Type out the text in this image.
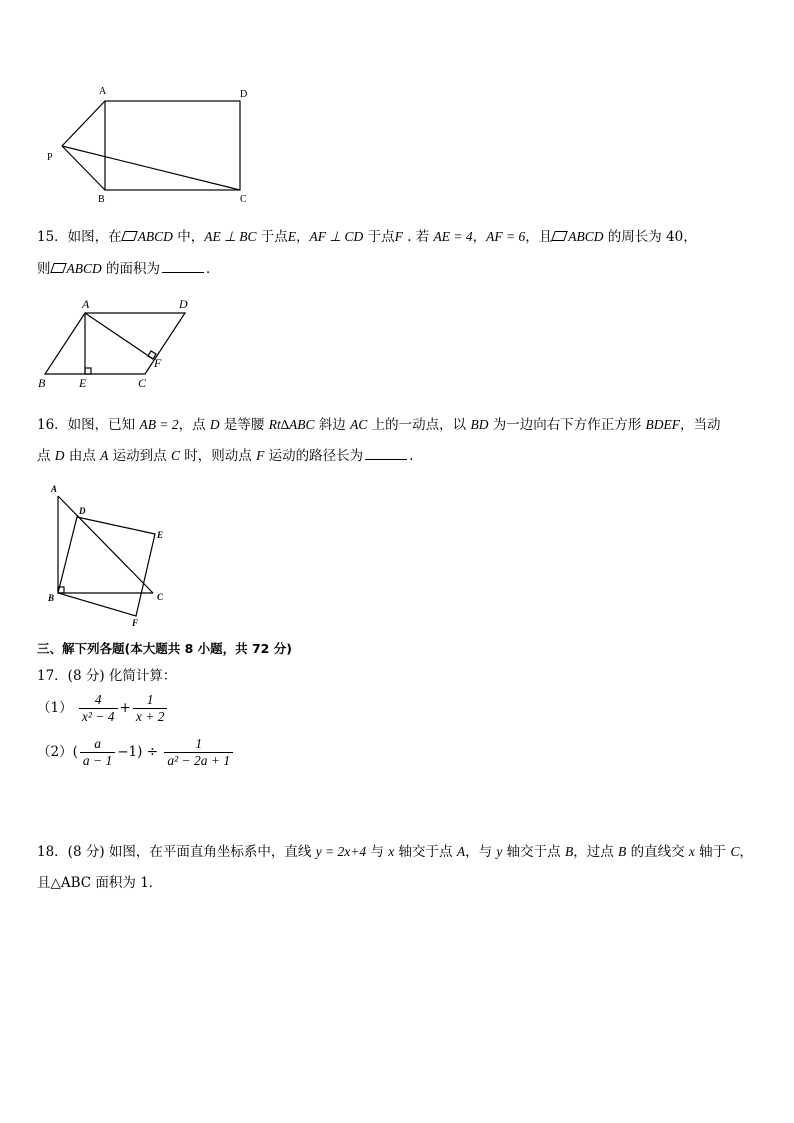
A	D
P
B	C
15．如图，在 ABCD 中，AE ⊥ BC 于点E，AF ⊥ CD 于点F . 若 AE = 4，AF = 6，且 ABCD 的周长为 40，
则 ABCD 的面积为	．
A	D
B	E	C
F
16．如图，已知 AB = 2，点 D 是等腰 Rt∆ABC 斜边 AC 上的一动点，以 BD 为一边向右下方作正方形 BDEF，当动
点 D 由点 A 运动到点 C 时，则动点 F 运动的路径长为	.
A
D
E
B	C
F
三、解下列各题(本大题共 8 小题，共 72 分)
17．(8 分) 化简计算：
$(1) \frac{4}{\text{x² − 4}} + \frac{1}{x + 2}$
$(2)( \frac{a}{a - 1} -1) \div \frac{1}{\text{a² − 2a + 1}}$
18．(8 分) 如图，在平面直角坐标系中，直线 y = 2x+4 与 x 轴交于点 A，与 y 轴交于点 B，过点 B 的直线交 x 轴于 C，
且△ABC 面积为 1．
